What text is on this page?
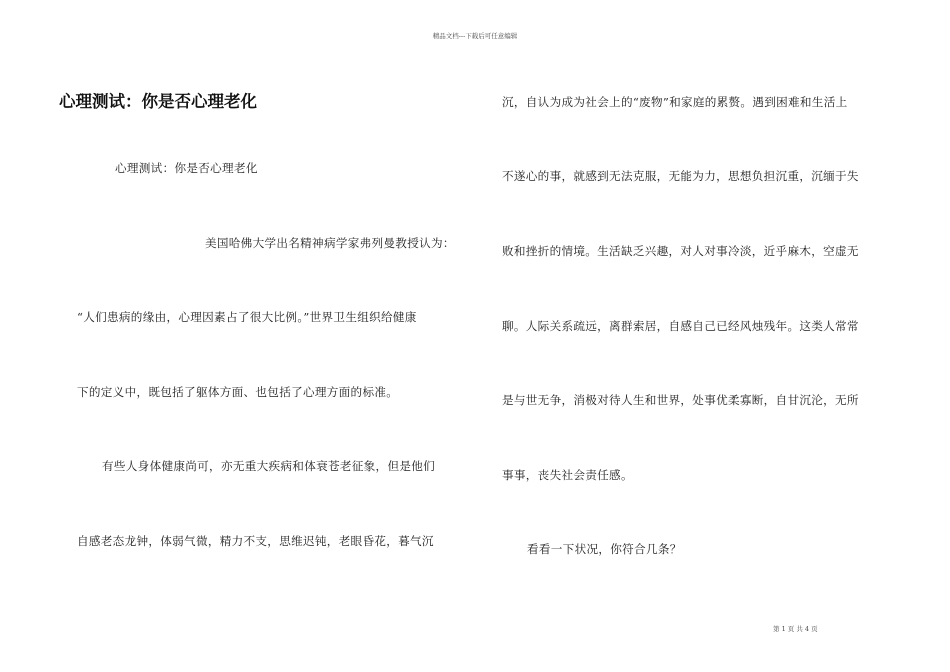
精品文档---下载后可任意编辑
心理测试：你是否心理老化
心理测试：你是否心理老化
美国哈佛大学出名精神病学家弗列曼教授认为：
“人们患病的缘由，心理因素占了很大比例。”世界卫生组织给健康
下的定义中，既包括了躯体方面、也包括了心理方面的标准。
有些人身体健康尚可，亦无重大疾病和体衰苍老征象，但是他们
自感老态龙钟，体弱气微，精力不支，思维迟钝，老眼昏花，暮气沉
沉，自认为成为社会上的“废物”和家庭的累赘。遇到困难和生活上
不遂心的事，就感到无法克服，无能为力，思想负担沉重，沉缅于失
败和挫折的情境。生活缺乏兴趣，对人对事冷淡，近乎麻木，空虚无
聊。人际关系疏远，离群索居，自感自己已经风烛残年。这类人常常
是与世无争，消极对待人生和世界，处事优柔寡断，自甘沉沦，无所
事事，丧失社会责任感。
看看一下状况，你符合几条？
第 1 页 共 4 页
